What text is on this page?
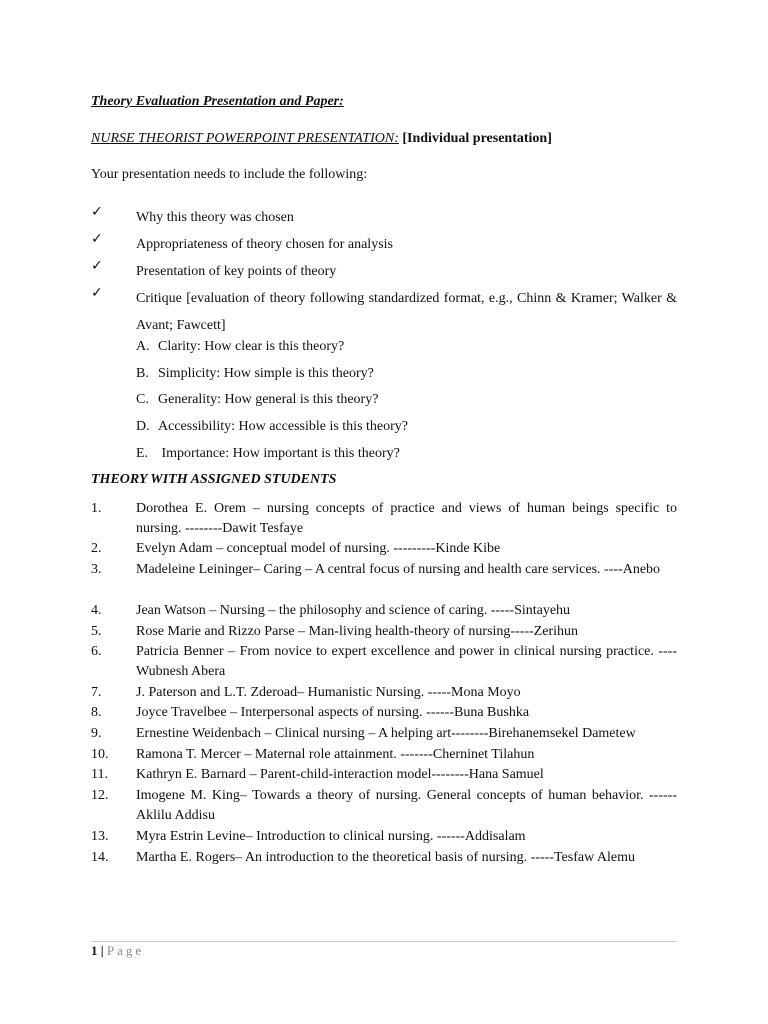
Theory Evaluation Presentation and Paper:
NURSE THEORIST POWERPOINT PRESENTATION: [Individual presentation]
Your presentation needs to include the following:
✓ Why this theory was chosen
✓ Appropriateness of theory chosen for analysis
✓ Presentation of key points of theory
✓ Critique [evaluation of theory following standardized format, e.g., Chinn & Kramer; Walker & Avant; Fawcett]
A. Clarity: How clear is this theory?
B. Simplicity: How simple is this theory?
C. Generality: How general is this theory?
D. Accessibility: How accessible is this theory?
E. Importance: How important is this theory?
THEORY WITH ASSIGNED STUDENTS
1. Dorothea E. Orem – nursing concepts of practice and views of human beings specific to nursing. --------Dawit Tesfaye
2. Evelyn Adam – conceptual model of nursing. ---------Kinde Kibe
3. Madeleine Leininger– Caring – A central focus of nursing and health care services. ----Anebo
4. Jean Watson – Nursing – the philosophy and science of caring. -----Sintayehu
5. Rose Marie and Rizzo Parse – Man-living health-theory of nursing-----Zerihun
6. Patricia Benner – From novice to expert excellence and power in clinical nursing practice. ----Wubnesh Abera
7. J. Paterson and L.T. Zderoad– Humanistic Nursing. -----Mona Moyo
8. Joyce Travelbee – Interpersonal aspects of nursing. ------Buna Bushka
9. Ernestine Weidenbach – Clinical nursing – A helping art--------Birehanemsekel Dametew
10. Ramona T. Mercer – Maternal role attainment. -------Cherninet Tilahun
11. Kathryn E. Barnard – Parent-child-interaction model--------Hana Samuel
12. Imogene M. King– Towards a theory of nursing. General concepts of human behavior. ------Aklilu Addisu
13. Myra Estrin Levine– Introduction to clinical nursing. ------Addisalam
14. Martha E. Rogers– An introduction to the theoretical basis of nursing. -----Tesfaw Alemu
1 | Page
